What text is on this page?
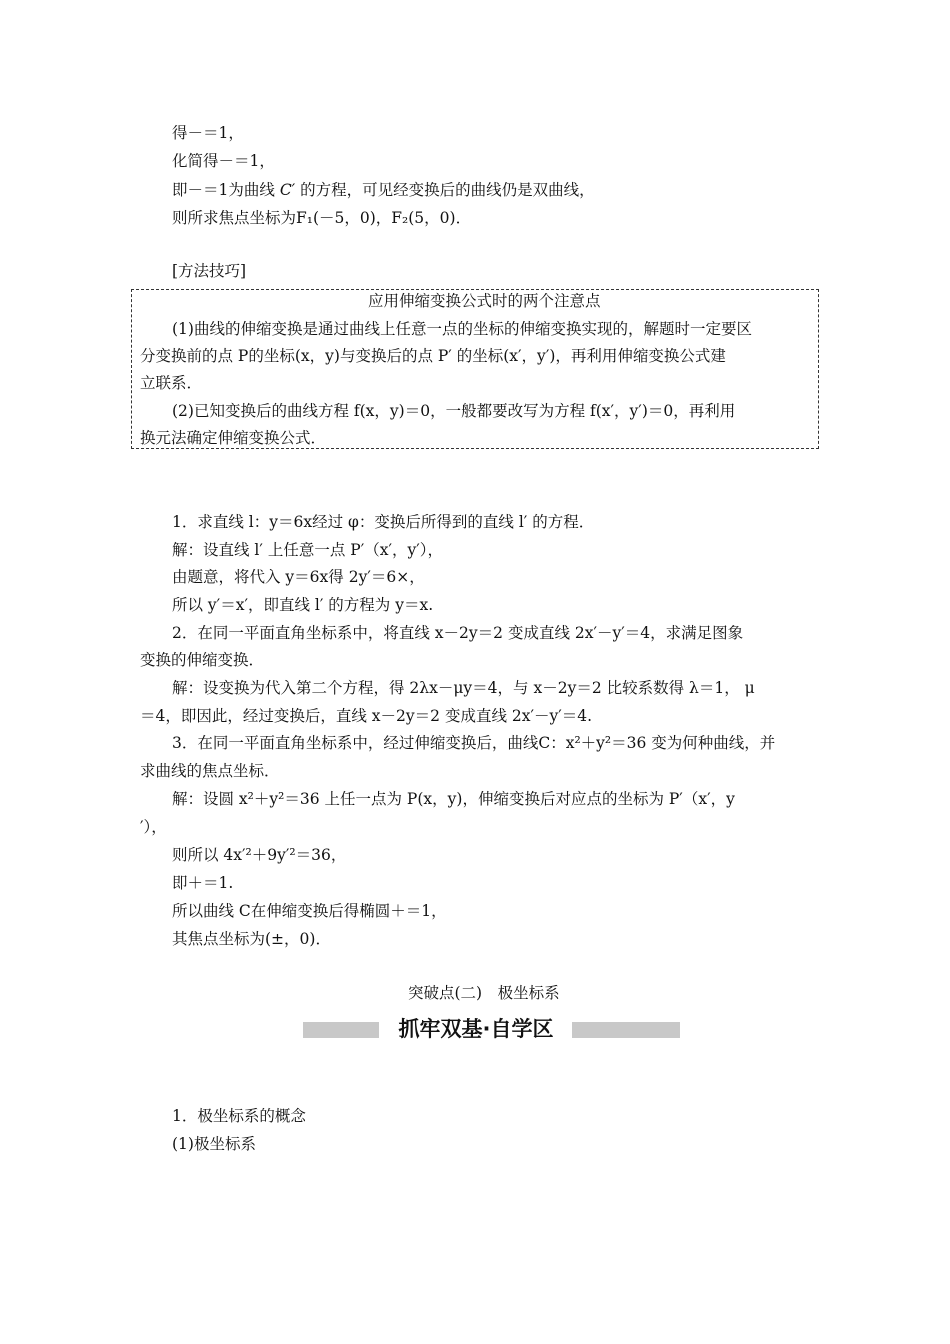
得－＝1，
化简得－＝1，
即－＝1为曲线 C′ 的方程，可见经变换后的曲线仍是双曲线，
则所求焦点坐标为F₁(－5，0)，F₂(5，0)．
[方法技巧]
应用伸缩变换公式时的两个注意点
(1)曲线的伸缩变换是通过曲线上任意一点的坐标的伸缩变换实现的，解题时一定要区
分变换前的点 P的坐标(x，y)与变换后的点 P′ 的坐标(x′，y′)，再利用伸缩变换公式建
立联系．
(2)已知变换后的曲线方程 f(x，y)＝0，一般都要改写为方程 f(x′，y′)＝0，再利用
换元法确定伸缩变换公式．
1．求直线 l：y＝6x经过 φ：变换后所得到的直线 l′ 的方程．
解：设直线 l′ 上任意一点 P′（x′，y′），
由题意，将代入 y＝6x得 2y′＝6×，
所以 y′＝x′，即直线 l′ 的方程为 y＝x.
2．在同一平面直角坐标系中，将直线 x－2y＝2 变成直线 2x′－y′＝4，求满足图象
变换的伸缩变换．
解：设变换为代入第二个方程，得 2λx－μy＝4，与 x－2y＝2 比较系数得 λ＝1， μ
＝4，即因此，经过变换后，直线 x－2y＝2 变成直线 2x′－y′＝4.
3．在同一平面直角坐标系中，经过伸缩变换后，曲线C：x²＋y²＝36 变为何种曲线，并
求曲线的焦点坐标．
解：设圆 x²＋y²＝36 上任一点为 P(x，y)，伸缩变换后对应点的坐标为 P′（x′，y
′），
则所以 4x′²＋9y′²＝36，
即＋＝1.
所以曲线 C在伸缩变换后得椭圆＋＝1，
其焦点坐标为(±，0)．
突破点(二)　极坐标系
抓牢双基·自学区
1．极坐标系的概念
(1)极坐标系
